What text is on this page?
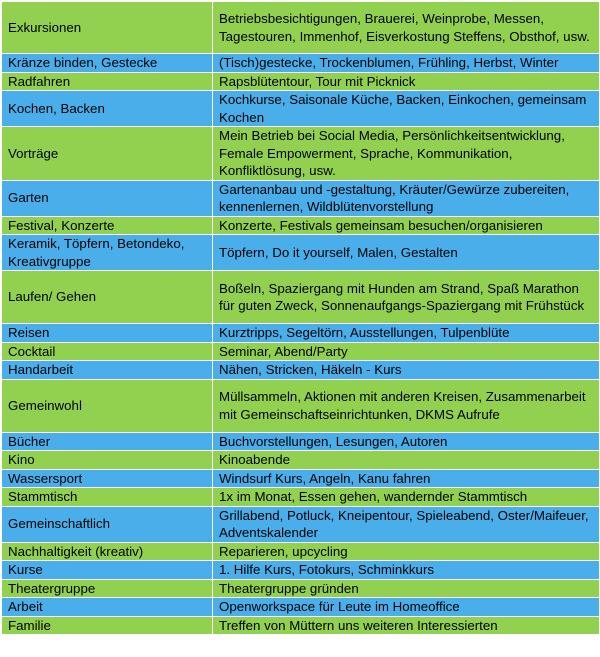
Exkursionen	Betriebsbesichtigungen, Brauerei, Weinprobe, Messen, Tagestouren, Immenhof, Eisverkostung Steffens, Obsthof, usw.
Kränze binden, Gestecke	(Tisch)gestecke, Trockenblumen, Frühling, Herbst, Winter
Radfahren	Rapsblütentour, Tour mit Picknick
Kochen, Backen	Kochkurse, Saisonale Küche, Backen, Einkochen, gemeinsam Kochen
Vorträge	Mein Betrieb bei Social Media, Persönlichkeitsentwicklung, Female Empowerment, Sprache, Kommunikation, Konfliktlösung, usw.
Garten	Gartenanbau und -gestaltung, Kräuter/Gewürze zubereiten, kennenlernen, Wildblütenvorstellung
Festival, Konzerte	Konzerte, Festivals gemeinsam besuchen/organisieren
Keramik, Töpfern, Betondeko, Kreativgruppe	Töpfern, Do it yourself, Malen, Gestalten
Laufen/ Gehen	Boßeln, Spaziergang mit Hunden am Strand, Spaß Marathon für guten Zweck, Sonnenaufgangs-Spaziergang mit Frühstück
Reisen	Kurztripps, Segeltörn, Ausstellungen, Tulpenblüte
Cocktail	Seminar, Abend/Party
Handarbeit	Nähen, Stricken, Häkeln - Kurs
Gemeinwohl	Müllsammeln, Aktionen mit anderen Kreisen, Zusammenarbeit mit Gemeinschaftseinrichtunken, DKMS Aufrufe
Bücher	Buchvorstellungen, Lesungen, Autoren
Kino	Kinoabende
Wassersport	Windsurf Kurs, Angeln, Kanu fahren
Stammtisch	1x im Monat, Essen gehen, wandernder Stammtisch
Gemeinschaftlich	Grillabend, Potluck, Kneipentour, Spieleabend, Oster/Maifeuer, Adventskalender
Nachhaltigkeit (kreativ)	Reparieren, upcycling
Kurse	1. Hilfe Kurs, Fotokurs, Schminkkurs
Theatergruppe	Theatergruppe gründen
Arbeit	Openworkspace für Leute im Homeoffice
Familie	Treffen von Müttern uns weiteren Interessierten
